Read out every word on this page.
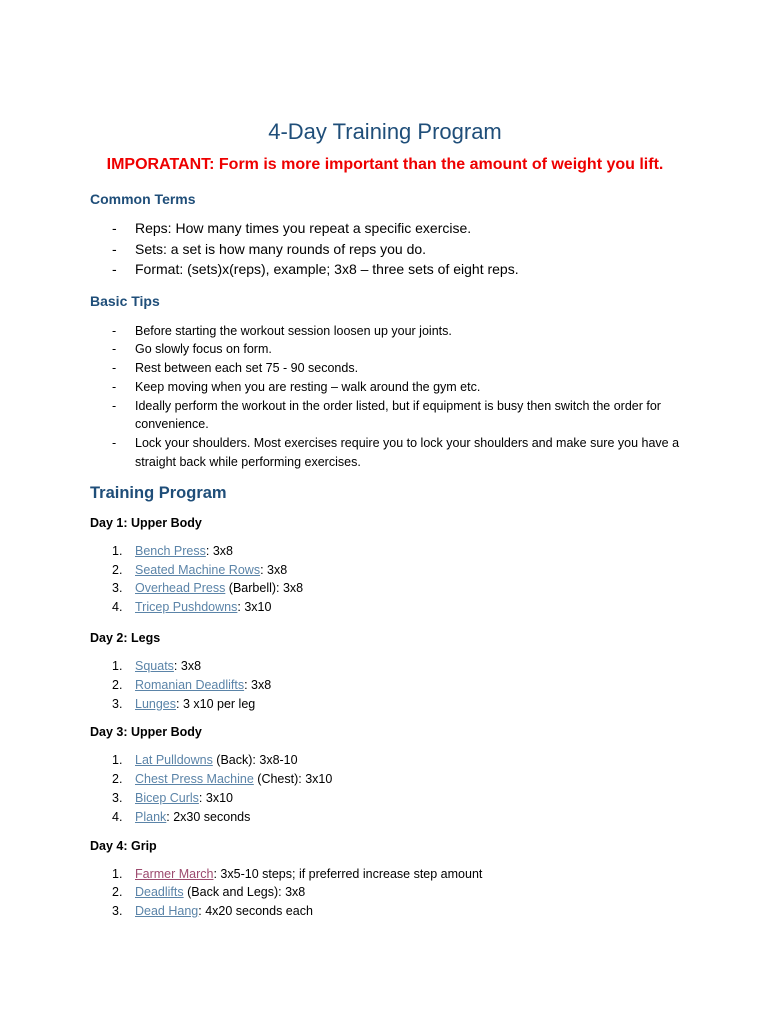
4-Day Training Program

IMPORATANT: Form is more important than the amount of weight you lift.

Common Terms
- Reps: How many times you repeat a specific exercise.
- Sets: a set is how many rounds of reps you do.
- Format: (sets)x(reps), example; 3x8 – three sets of eight reps.
Basic Tips
- Before starting the workout session loosen up your joints.
- Go slowly focus on form.
- Rest between each set 75 - 90 seconds.
- Keep moving when you are resting – walk around the gym etc.
- Ideally perform the workout in the order listed, but if equipment is busy then switch the order for convenience.
- Lock your shoulders. Most exercises require you to lock your shoulders and make sure you have a straight back while performing exercises.
Training Program
Day 1: Upper Body
1. Bench Press: 3x8
2. Seated Machine Rows: 3x8
3. Overhead Press (Barbell): 3x8
4. Tricep Pushdowns: 3x10
Day 2: Legs
1. Squats: 3x8
2. Romanian Deadlifts: 3x8
3. Lunges: 3 x10 per leg
Day 3: Upper Body
1. Lat Pulldowns (Back): 3x8-10
2. Chest Press Machine (Chest): 3x10
3. Bicep Curls: 3x10
4. Plank: 2x30 seconds
Day 4: Grip
1. Farmer March: 3x5-10 steps; if preferred increase step amount
2. Deadlifts (Back and Legs): 3x8
3. Dead Hang: 4x20 seconds each
